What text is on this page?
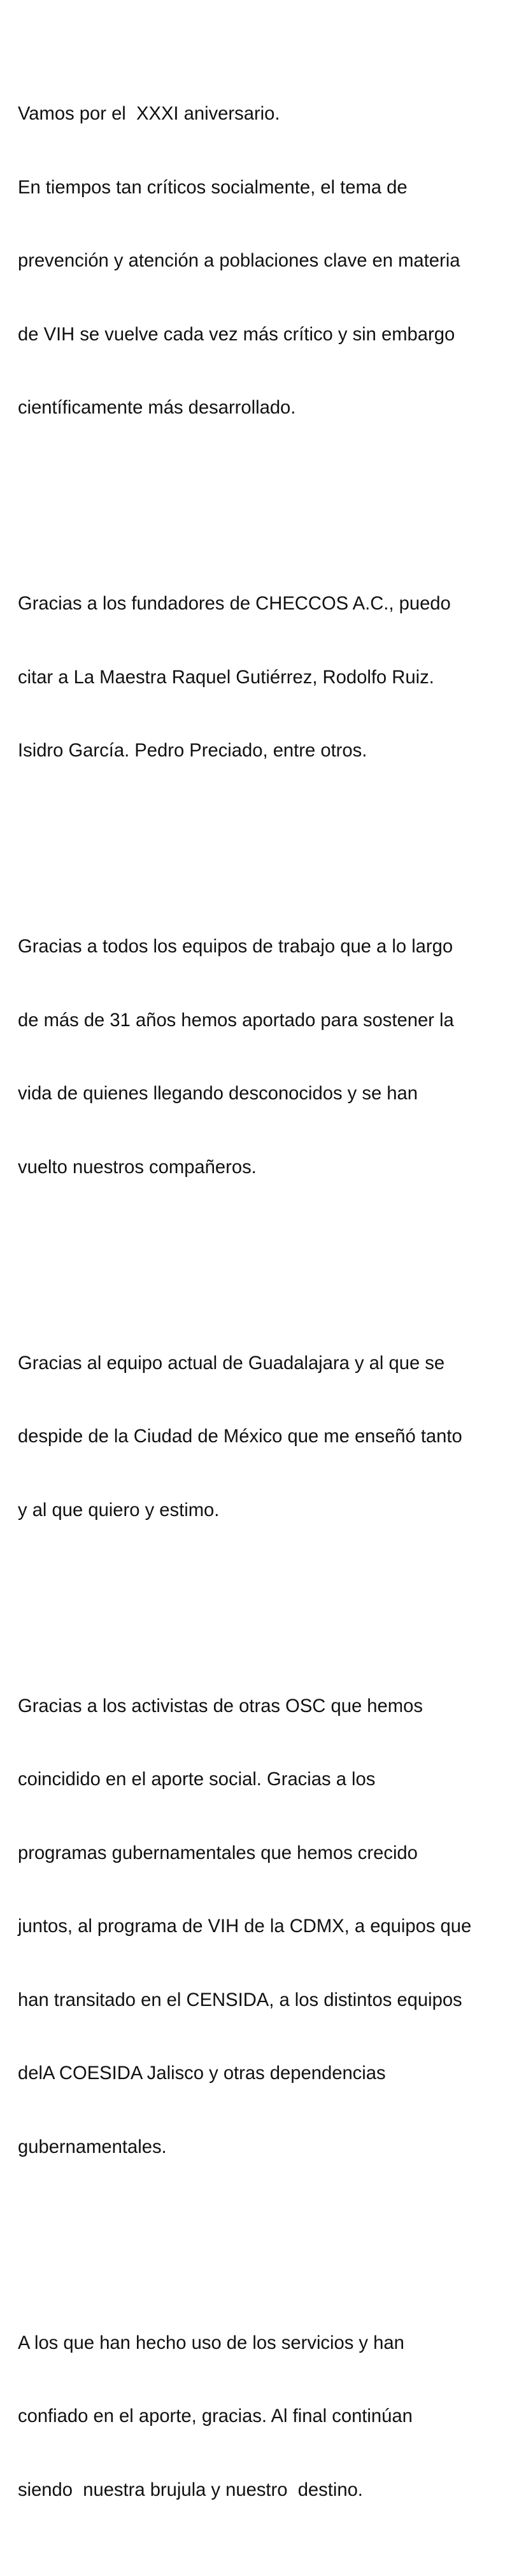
Vamos por el  XXXI aniversario.

En tiempos tan críticos socialmente, el tema de

prevención y atención a poblaciones clave en materia

de VIH se vuelve cada vez más crítico y sin embargo

científicamente más desarrollado.

Gracias a los fundadores de CHECCOS A.C., puedo

citar a La Maestra Raquel Gutiérrez, Rodolfo Ruiz.

Isidro García. Pedro Preciado, entre otros.

Gracias a todos los equipos de trabajo que a lo largo

de más de 31 años hemos aportado para sostener la

vida de quienes llegando desconocidos y se han

vuelto nuestros compañeros.

Gracias al equipo actual de Guadalajara y al que se

despide de la Ciudad de México que me enseñó tanto

y al que quiero y estimo.

Gracias a los activistas de otras OSC que hemos

coincidido en el aporte social. Gracias a los

programas gubernamentales que hemos crecido

juntos, al programa de VIH de la CDMX, a equipos que

han transitado en el CENSIDA, a los distintos equipos

delA COESIDA Jalisco y otras dependencias

gubernamentales.

A los que han hecho uso de los servicios y han

confiado en el aporte, gracias. Al final continúan

siendo  nuestra brujula y nuestro  destino.
